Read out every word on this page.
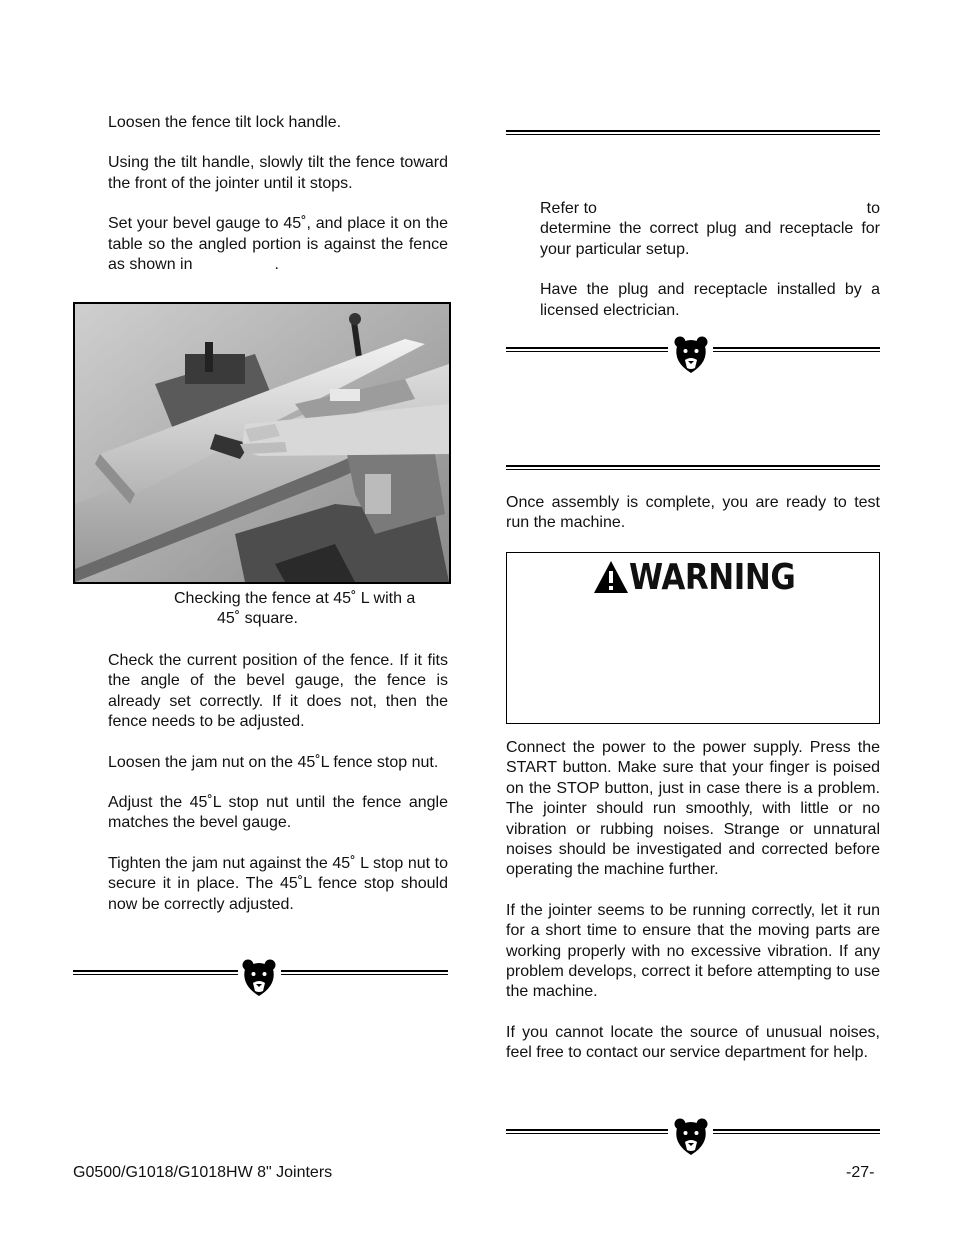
Loosen the fence tilt lock handle.

Using the tilt handle, slowly tilt the fence toward the front of the jointer until it stops.

Set your bevel gauge to 45˚, and place it on the table so the angled portion is against the fence as shown in	.

Checking the fence at 45˚ L with a
45˚ square.

Check the current position of the fence. If it fits the angle of the bevel gauge, the fence is already set correctly. If it does not, then the fence needs to be adjusted.

Loosen the jam nut on the 45˚L fence stop nut.

Adjust the 45˚L stop nut until the fence angle matches the bevel gauge.

Tighten the jam nut against the 45˚ L stop nut to secure it in place. The 45˚L fence stop should now be correctly adjusted.

Refer to	to

determine the correct plug and receptacle for your particular setup.

Have the plug and receptacle installed by a licensed electrician.

Once assembly is complete, you are ready to test run the machine.

WARNING

Connect the power to the power supply. Press the START button. Make sure that your finger is poised on the STOP button, just in case there is a problem. The jointer should run smoothly, with little or no vibration or rubbing noises. Strange or unnatural noises should be investigated and corrected before operating the machine further.

If the jointer seems to be running correctly, let it run for a short time to ensure that the moving parts are working properly with no excessive vibration. If any problem develops, correct it before attempting to use the machine.

If you cannot locate the source of unusual noises, feel free to contact our service department for help.

G0500/G1018/G1018HW 8" Jointers	-27-
